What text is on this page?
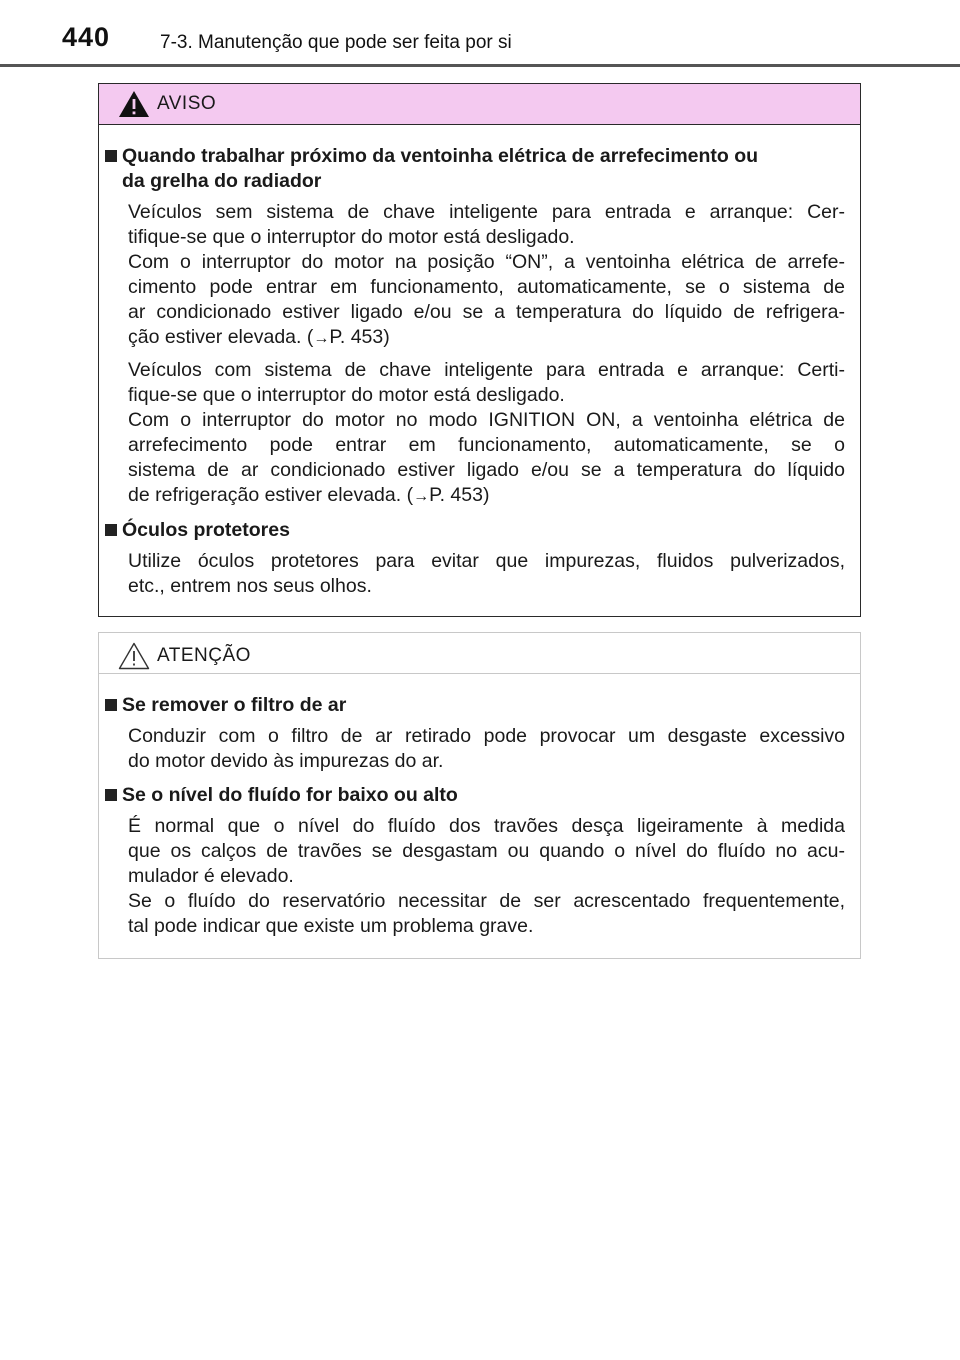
440	7-3. Manutenção que pode ser feita por si
AVISO
Quando trabalhar próximo da ventoinha elétrica de arrefecimento ou
da grelha do radiador
Veículos sem sistema de chave inteligente para entrada e arranque: Cer-
tifique-se que o interruptor do motor está desligado.
Com o interruptor do motor na posição “ON”, a ventoinha elétrica de arrefe-
cimento pode entrar em funcionamento, automaticamente, se o sistema de
ar condicionado estiver ligado e/ou se a temperatura do líquido de refrigera-
ção estiver elevada. (→P. 453)
Veículos com sistema de chave inteligente para entrada e arranque: Certi-
fique-se que o interruptor do motor está desligado.
Com o interruptor do motor no modo IGNITION ON, a ventoinha elétrica de
arrefecimento pode entrar em funcionamento, automaticamente, se o
sistema de ar condicionado estiver ligado e/ou se a temperatura do líquido
de refrigeração estiver elevada. (→P. 453)
Óculos protetores
Utilize óculos protetores para evitar que impurezas, fluidos pulverizados,
etc., entrem nos seus olhos.
ATENÇÃO
Se remover o filtro de ar
Conduzir com o filtro de ar retirado pode provocar um desgaste excessivo
do motor devido às impurezas do ar.
Se o nível do fluído for baixo ou alto
É normal que o nível do fluído dos travões desça ligeiramente à medida
que os calços de travões se desgastam ou quando o nível do fluído no acu-
mulador é elevado.
Se o fluído do reservatório necessitar de ser acrescentado frequentemente,
tal pode indicar que existe um problema grave.
